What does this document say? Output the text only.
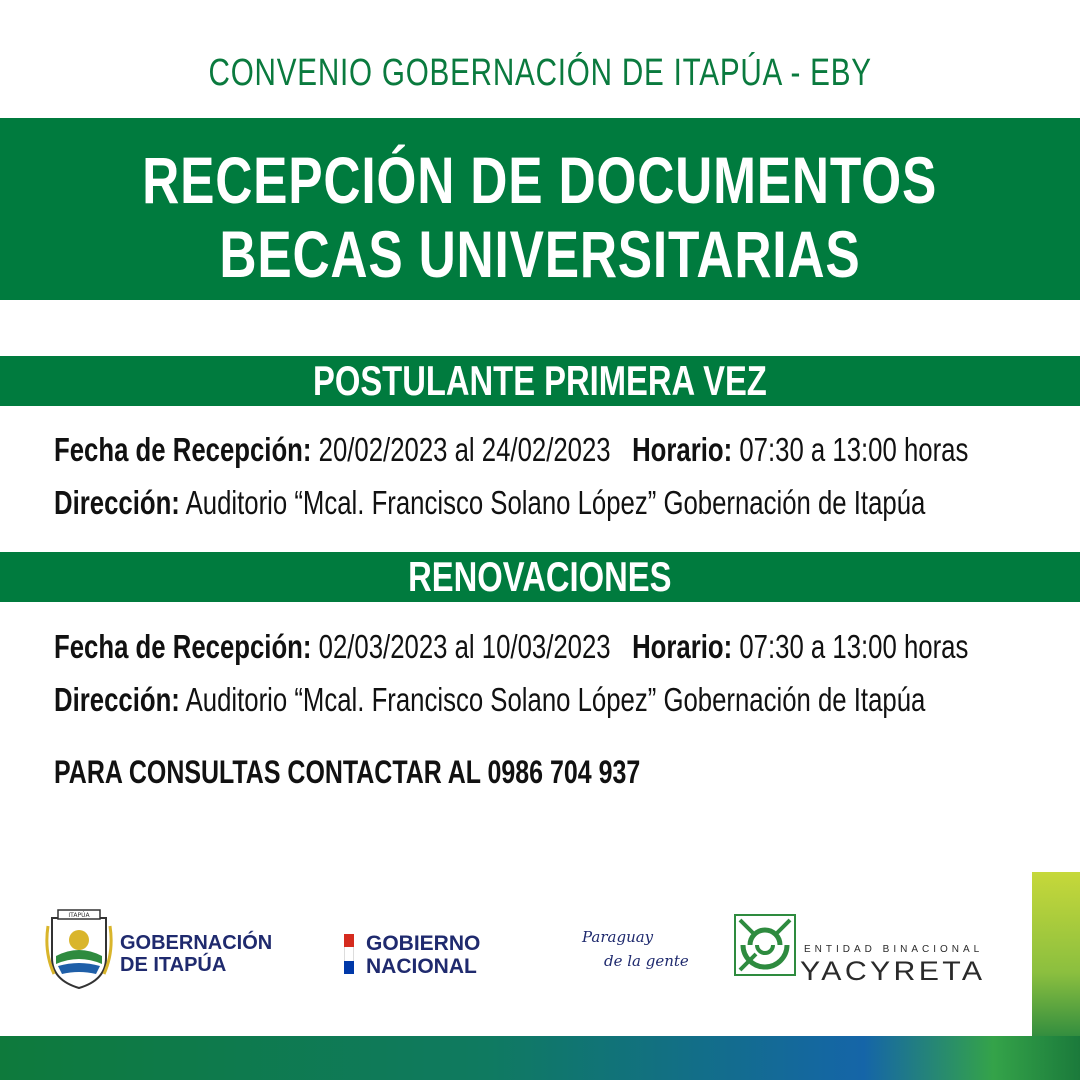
CONVENIO GOBERNACIÓN DE ITAPÚA - EBY
RECEPCIÓN DE DOCUMENTOS
BECAS UNIVERSITARIAS
POSTULANTE PRIMERA VEZ
Fecha de Recepción: 20/02/2023 al 24/02/2023 Horario: 07:30 a 13:00 horas
Dirección: Auditorio “Mcal. Francisco Solano López” Gobernación de Itapúa
RENOVACIONES
Fecha de Recepción: 02/03/2023 al 10/03/2023 Horario: 07:30 a 13:00 horas
Dirección: Auditorio “Mcal. Francisco Solano López” Gobernación de Itapúa
PARA CONSULTAS CONTACTAR AL 0986 704 937
ITAPÚA
GOBERNACIÓN
DE ITAPÚA
GOBIERNO
NACIONAL
Paraguay
de la gente
ENTIDAD BINACIONAL
YACYRETA
